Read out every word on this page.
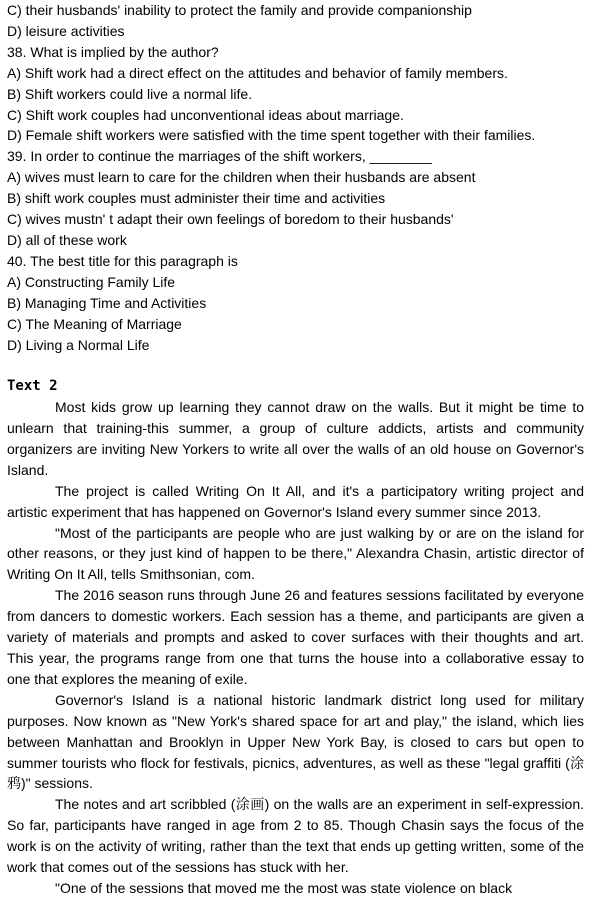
C) their husbands' inability to protect the family and provide companionship
D) leisure activities
38. What is implied by the author?
A) Shift work had a direct effect on the attitudes and behavior of family members.
B) Shift workers could live a normal life.
C) Shift work couples had unconventional ideas about marriage.
D) Female shift workers were satisfied with the time spent together with their families.
39. In order to continue the marriages of the shift workers, ________
A) wives must learn to care for the children when their husbands are absent
B) shift work couples must administer their time and activities
C) wives mustn' t adapt their own feelings of boredom to their husbands'
D) all of these work
40. The best title for this paragraph is
A) Constructing Family Life
B) Managing Time and Activities
C) The Meaning of Marriage
D) Living a Normal Life
Text 2

Most kids grow up learning they cannot draw on the walls. But it might be time to unlearn that training-this summer, a group of culture addicts, artists and community organizers are inviting New Yorkers to write all over the walls of an old house on Governor's Island.

The project is called Writing On It All, and it's a participatory writing project and artistic experiment that has happened on Governor's Island every summer since 2013.

"Most of the participants are people who are just walking by or are on the island for other reasons, or they just kind of happen to be there," Alexandra Chasin, artistic director of Writing On It All, tells Smithsonian, com.

The 2016 season runs through June 26 and features sessions facilitated by everyone from dancers to domestic workers. Each session has a theme, and participants are given a variety of materials and prompts and asked to cover surfaces with their thoughts and art. This year, the programs range from one that turns the house into a collaborative essay to one that explores the meaning of exile.

Governor's Island is a national historic landmark district long used for military purposes. Now known as "New York's shared space for art and play," the island, which lies between Manhattan and Brooklyn in Upper New York Bay, is closed to cars but open to summer tourists who flock for festivals, picnics, adventures, as well as these "legal graffiti (涂鸦)" sessions.

The notes and art scribbled (涂画) on the walls are an experiment in self-expression. So far, participants have ranged in age from 2 to 85. Though Chasin says the focus of the work is on the activity of writing, rather than the text that ends up getting written, some of the work that comes out of the sessions has stuck with her.

"One of the sessions that moved me the most was state violence on black
